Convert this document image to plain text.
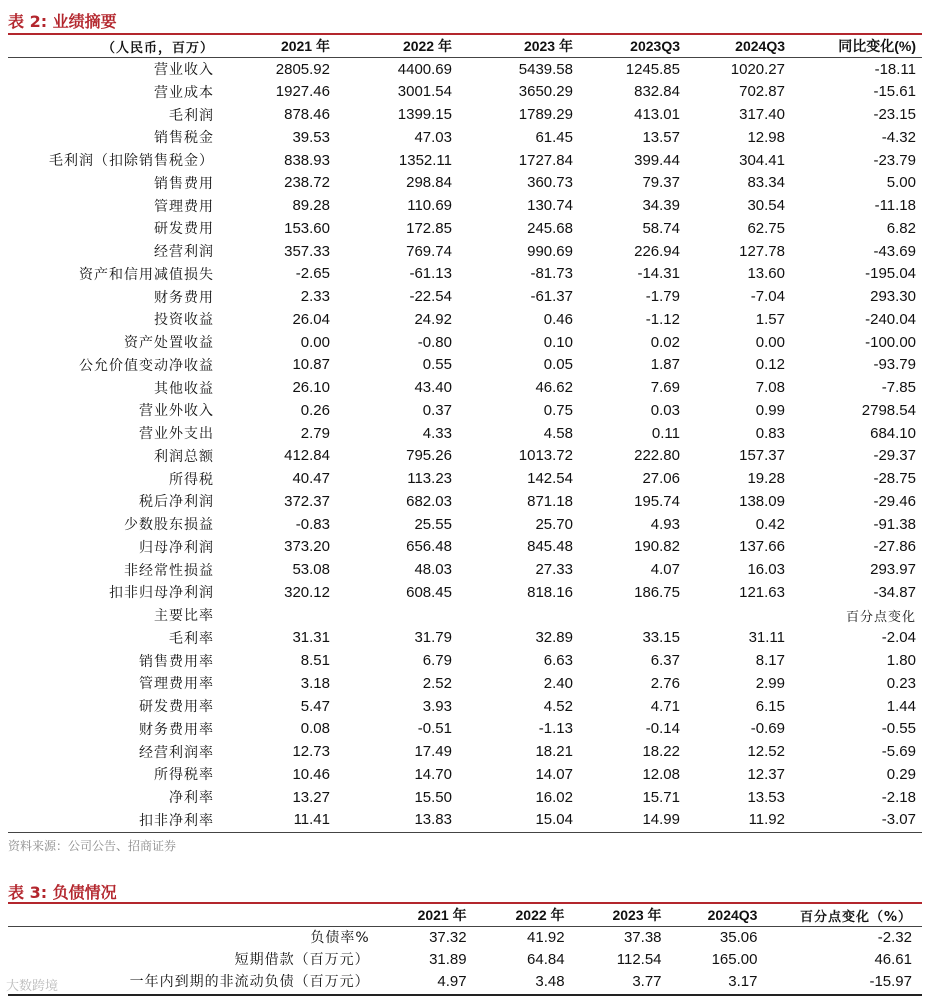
表 2: 业绩摘要
（人民币，百万）	2021 年	2022 年	2023 年	2023Q3	2024Q3	同比变化(%)
营业收入	2805.92	4400.69	5439.58	1245.85	1020.27	-18.11
营业成本	1927.46	3001.54	3650.29	832.84	702.87	-15.61
毛利润	878.46	1399.15	1789.29	413.01	317.40	-23.15
销售税金	39.53	47.03	61.45	13.57	12.98	-4.32
毛利润（扣除销售税金）	838.93	1352.11	1727.84	399.44	304.41	-23.79
销售费用	238.72	298.84	360.73	79.37	83.34	5.00
管理费用	89.28	110.69	130.74	34.39	30.54	-11.18
研发费用	153.60	172.85	245.68	58.74	62.75	6.82
经营利润	357.33	769.74	990.69	226.94	127.78	-43.69
资产和信用减值损失	-2.65	-61.13	-81.73	-14.31	13.60	-195.04
财务费用	2.33	-22.54	-61.37	-1.79	-7.04	293.30
投资收益	26.04	24.92	0.46	-1.12	1.57	-240.04
资产处置收益	0.00	-0.80	0.10	0.02	0.00	-100.00
公允价值变动净收益	10.87	0.55	0.05	1.87	0.12	-93.79
其他收益	26.10	43.40	46.62	7.69	7.08	-7.85
营业外收入	0.26	0.37	0.75	0.03	0.99	2798.54
营业外支出	2.79	4.33	4.58	0.11	0.83	684.10
利润总额	412.84	795.26	1013.72	222.80	157.37	-29.37
所得税	40.47	113.23	142.54	27.06	19.28	-28.75
税后净利润	372.37	682.03	871.18	195.74	138.09	-29.46
少数股东损益	-0.83	25.55	25.70	4.93	0.42	-91.38
归母净利润	373.20	656.48	845.48	190.82	137.66	-27.86
非经常性损益	53.08	48.03	27.33	4.07	16.03	293.97
扣非归母净利润	320.12	608.45	818.16	186.75	121.63	-34.87
主要比率						百分点变化
毛利率	31.31	31.79	32.89	33.15	31.11	-2.04
销售费用率	8.51	6.79	6.63	6.37	8.17	1.80
管理费用率	3.18	2.52	2.40	2.76	2.99	0.23
研发费用率	5.47	3.93	4.52	4.71	6.15	1.44
财务费用率	0.08	-0.51	-1.13	-0.14	-0.69	-0.55
经营利润率	12.73	17.49	18.21	18.22	12.52	-5.69
所得税率	10.46	14.70	14.07	12.08	12.37	0.29
净利率	13.27	15.50	16.02	15.71	13.53	-2.18
扣非净利率	11.41	13.83	15.04	14.99	11.92	-3.07
资料来源：公司公告、招商证券
表 3: 负债情况
	2021 年	2022 年	2023 年	2024Q3	百分点变化（%）
负债率%	37.32	41.92	37.38	35.06	-2.32
短期借款（百万元）	31.89	64.84	112.54	165.00	46.61
一年内到期的非流动负债（百万元）	4.97	3.48	3.77	3.17	-15.97
大数跨境
